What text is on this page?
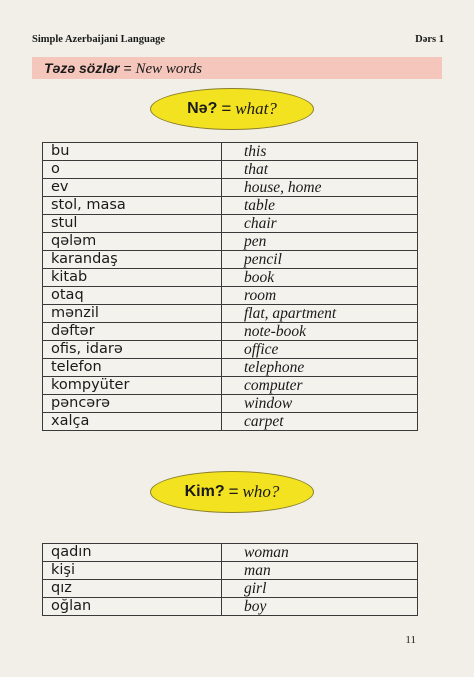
Simple Azerbaijani Language	Dərs 1
Təzə sözlər = New words
Nə? = what?
bu	this
o	that
ev	house, home
stol, masa	table
stul	chair
qələm	pen
karandaş	pencil
kitab	book
otaq	room
mənzil	flat, apartment
dəftər	note-book
ofis, idarə	office
telefon	telephone
kompyüter	computer
pəncərə	window
xalça	carpet
Kim? = who?
qadın	woman
kişi	man
qız	girl
oğlan	boy
11
